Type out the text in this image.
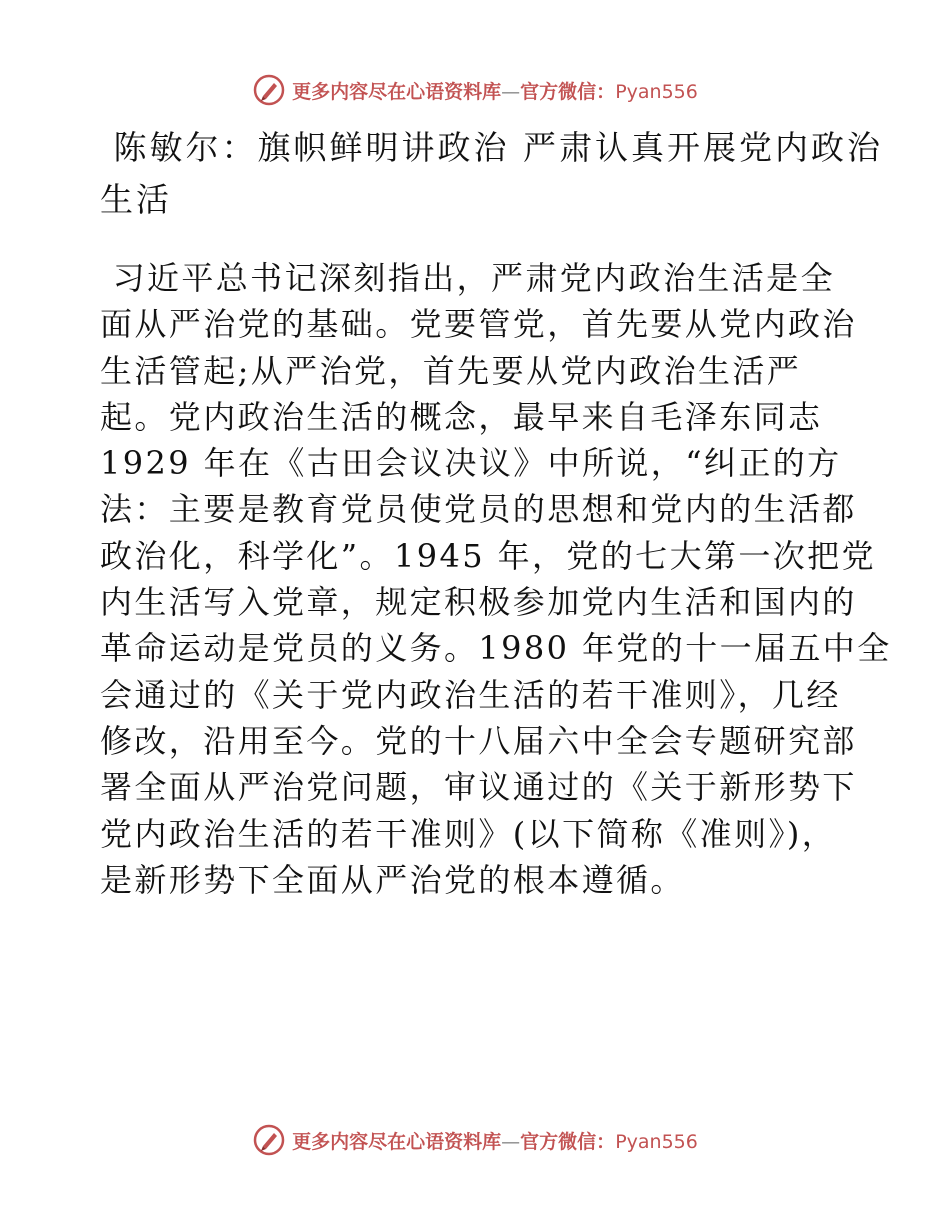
更多内容尽在心语资料库—官方微信：Pyan556
陈敏尔：旗帜鲜明讲政治 严肃认真开展党内政治
生活
习近平总书记深刻指出，严肃党内政治生活是全
面从严治党的基础。党要管党，首先要从党内政治
生活管起;从严治党，首先要从党内政治生活严
起。党内政治生活的概念，最早来自毛泽东同志
1929 年在《古田会议决议》中所说，“纠正的方
法：主要是教育党员使党员的思想和党内的生活都
政治化，科学化”。1945 年，党的七大第一次把党
内生活写入党章，规定积极参加党内生活和国内的
革命运动是党员的义务。1980 年党的十一届五中全
会通过的《关于党内政治生活的若干准则》，几经
修改，沿用至今。党的十八届六中全会专题研究部
署全面从严治党问题，审议通过的《关于新形势下
党内政治生活的若干准则》(以下简称《准则》)，
是新形势下全面从严治党的根本遵循。
更多内容尽在心语资料库—官方微信：Pyan556
